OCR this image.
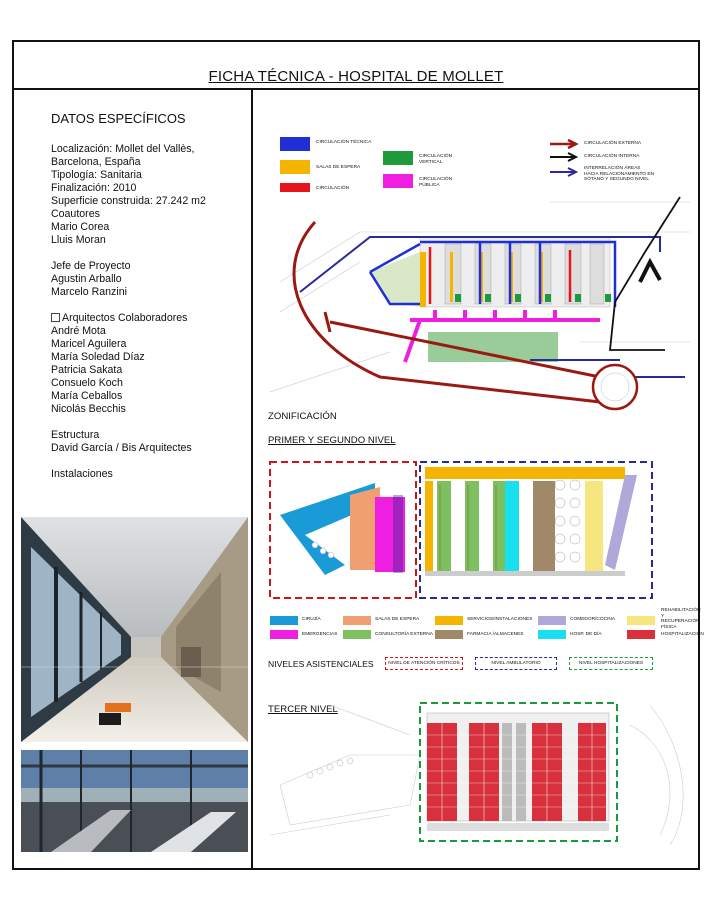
FICHA TÉCNICA - HOSPITAL DE MOLLET
DATOS ESPECÍFICOS
Localización: Mollet del Vallès,
Barcelona, España
Tipología: Sanitaria
Finalización: 2010
Superficie construida: 27.242 m2
Coautores
Mario Corea
Lluis Moran
Jefe de Proyecto
Agustin Arballo
Marcelo Ranzini
Arquitectos Colaboradores
André Mota
Maricel Aguilera
María Soledad Díaz
Patricia Sakata
Consuelo Koch
María Ceballos
Nicolás Becchis
Estructura
David García / Bis Arquitectes
Instalaciones
CIRCULACIÓN TÉCNICA
SALAS DE ESPERA
CIRCULACIÓN
CIRCULACIÓN VERTICAL
CIRCULACIÓN PÚBLICA
CIRCULACIÓN EXTERNA
CIRCULACIÓN INTERNA
INTERRELACIÓN ÁREAS HACIA RELACIONAMIENTO EN SÓTANO Y SEGUNDO NIVEL
ZONIFICACIÓN
PRIMER Y SEGUNDO NIVEL
CIRUJÍA	SALAS DE ESPERA	SERVICIOS/INSTALACIONES	COMEDOR/COCINA
REHABILITACIÓN Y RECUPERACIÓN FÍSICA
EMERGENCIAS	CONSULTORÍA EXTERNA	FARMACIA /ALMACENES	HOSP. DE DÍA	HOSPITALIZACIÓN
NIVELES ASISTENCIALES	NIVEL DE ATENCIÓN CRÍTICOS	NIVEL AMBULATORIO	NIVEL HOSPITALIZACIONES
TERCER NIVEL
